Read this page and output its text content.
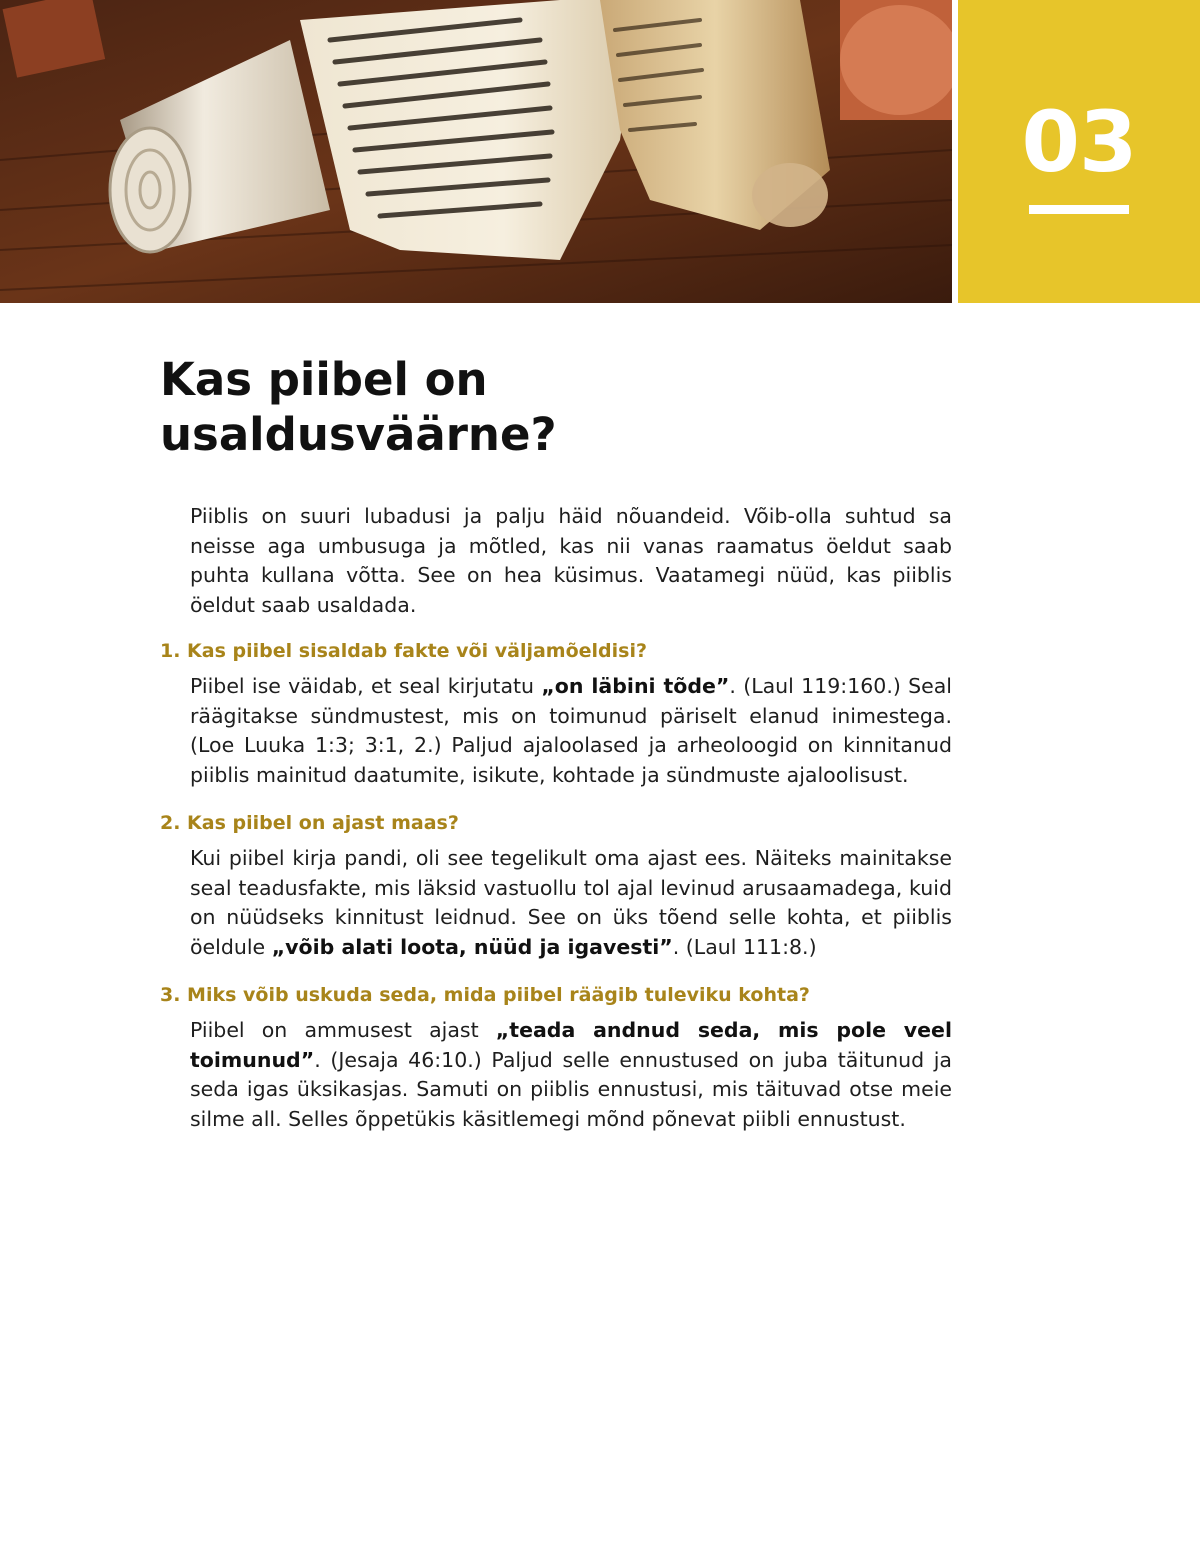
03
Kas piibel on
usaldusväärne?

Piiblis on suuri lubadusi ja palju häid nõuandeid. Võib-olla suhtud sa neisse aga umbusuga ja mõtled, kas nii vanas raamatus öeldut saab puhta kullana võtta. See on hea küsimus. Vaatamegi nüüd, kas piiblis öeldut saab usaldada.

1. Kas piibel sisaldab fakte või väljamõeldisi?

Piibel ise väidab, et seal kirjutatu „on läbini tõde”. (Laul 119:160.) Seal räägitakse sündmustest, mis on toimunud päriselt elanud inimestega. (Loe Luuka 1:3; 3:1, 2.) Paljud ajaloolased ja arheoloogid on kinnitanud piiblis mainitud daatumite, isikute, kohtade ja sündmuste ajaloolisust.

2. Kas piibel on ajast maas?

Kui piibel kirja pandi, oli see tegelikult oma ajast ees. Näiteks mainitakse seal teadusfakte, mis läksid vastuollu tol ajal levinud arusaamadega, kuid on nüüdseks kinnitust leidnud. See on üks tõend selle kohta, et piiblis öeldule „võib alati loota, nüüd ja igavesti”. (Laul 111:8.)

3. Miks võib uskuda seda, mida piibel räägib tuleviku kohta?

Piibel on ammusest ajast „teada andnud seda, mis pole veel toimunud”. (Jesaja 46:10.) Paljud selle ennustused on juba täitunud ja seda igas üksikasjas. Samuti on piiblis ennustusi, mis täituvad otse meie silme all. Selles õppetükis käsitlemegi mõnd põnevat piibli ennustust.
